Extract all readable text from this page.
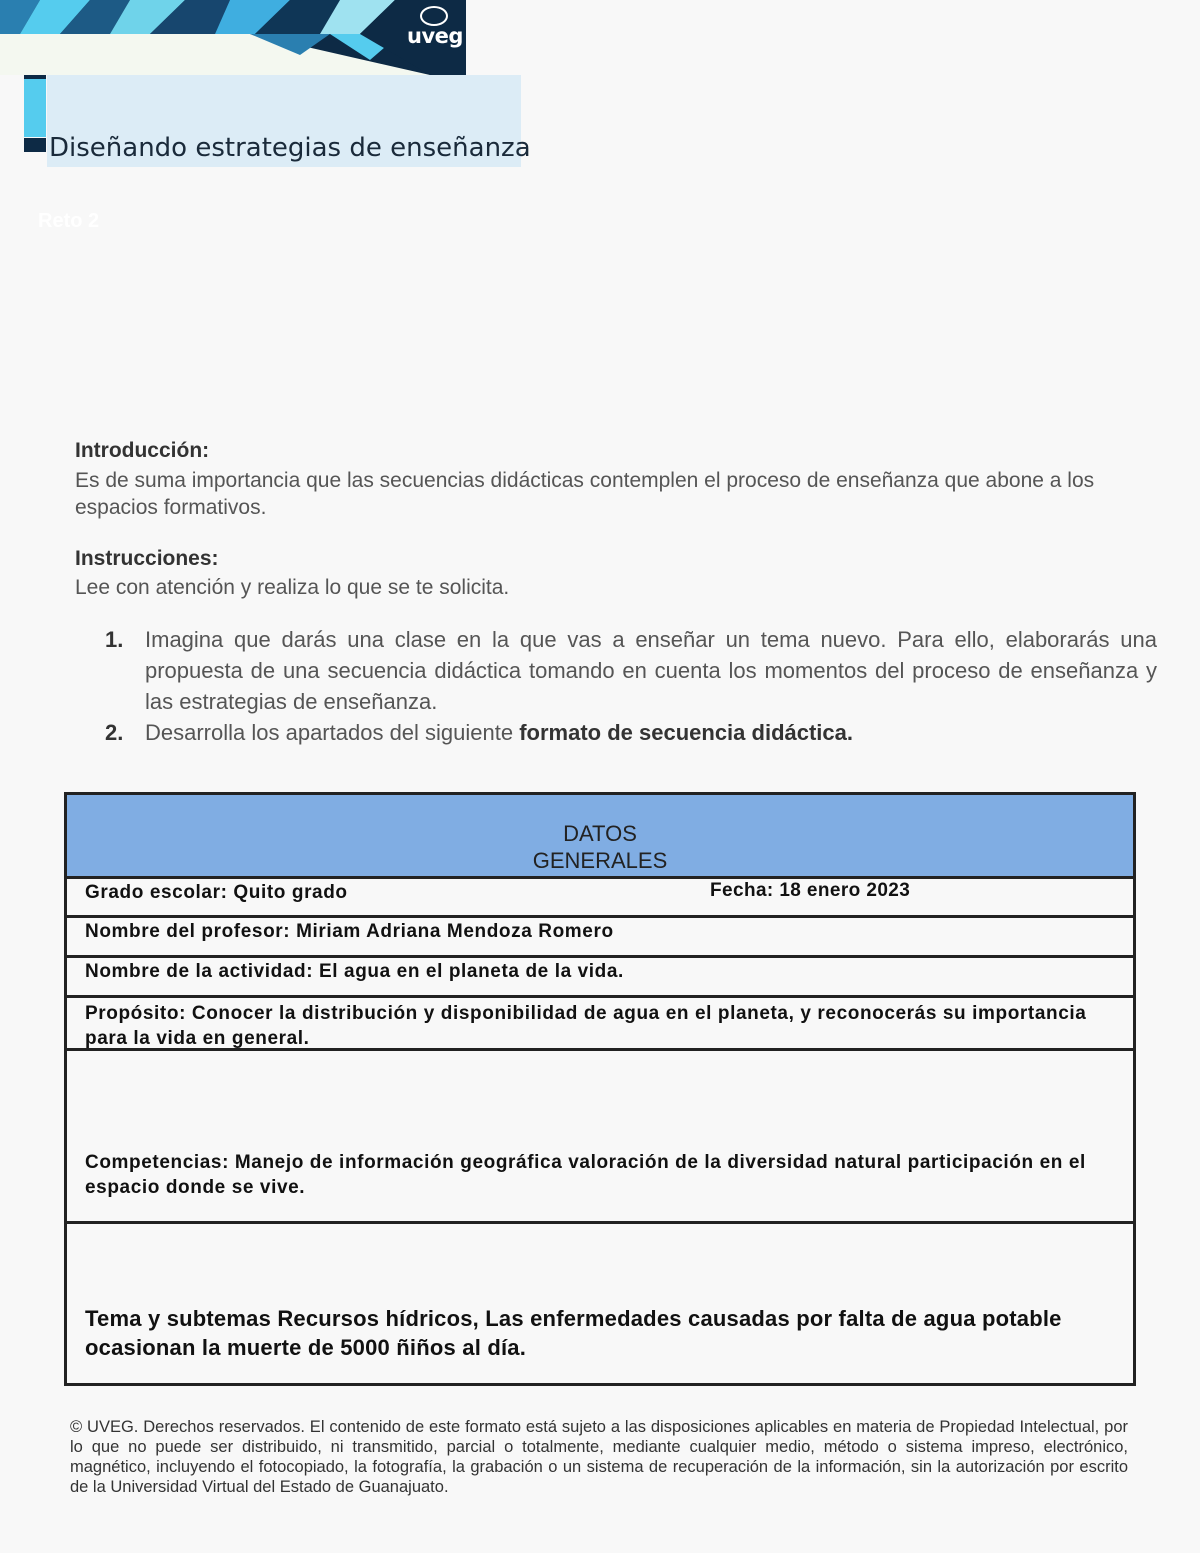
uveg
Diseñando estrategias de enseñanza
Reto 2
Introducción:
Es de suma importancia que las secuencias didácticas contemplen el proceso de enseñanza que abone a los espacios formativos.
Instrucciones:
Lee con atención y realiza lo que se te solicita.
1. Imagina que darás una clase en la que vas a enseñar un tema nuevo. Para ello, elaborarás una propuesta de una secuencia didáctica tomando en cuenta los momentos del proceso de enseñanza y las estrategias de enseñanza.
2. Desarrolla los apartados del siguiente formato de secuencia didáctica.
DATOS
GENERALES
Grado escolar: Quito grado	Fecha: 18 enero 2023
Nombre del profesor: Miriam Adriana Mendoza Romero
Nombre de la actividad: El agua en el planeta de la vida.
Propósito: Conocer la distribución y disponibilidad de agua en el planeta, y reconocerás su importancia para la vida en general.
Competencias: Manejo de información geográfica valoración de la diversidad natural participación en el espacio donde se vive.
Tema y subtemas Recursos hídricos, Las enfermedades causadas por falta de agua potable ocasionan la muerte de 5000 ñiños al día.
© UVEG. Derechos reservados. El contenido de este formato está sujeto a las disposiciones aplicables en materia de Propiedad Intelectual, por lo que no puede ser distribuido, ni transmitido, parcial o totalmente, mediante cualquier medio, método o sistema impreso, electrónico, magnético, incluyendo el fotocopiado, la fotografía, la grabación o un sistema de recuperación de la información, sin la autorización por escrito de la Universidad Virtual del Estado de Guanajuato.
